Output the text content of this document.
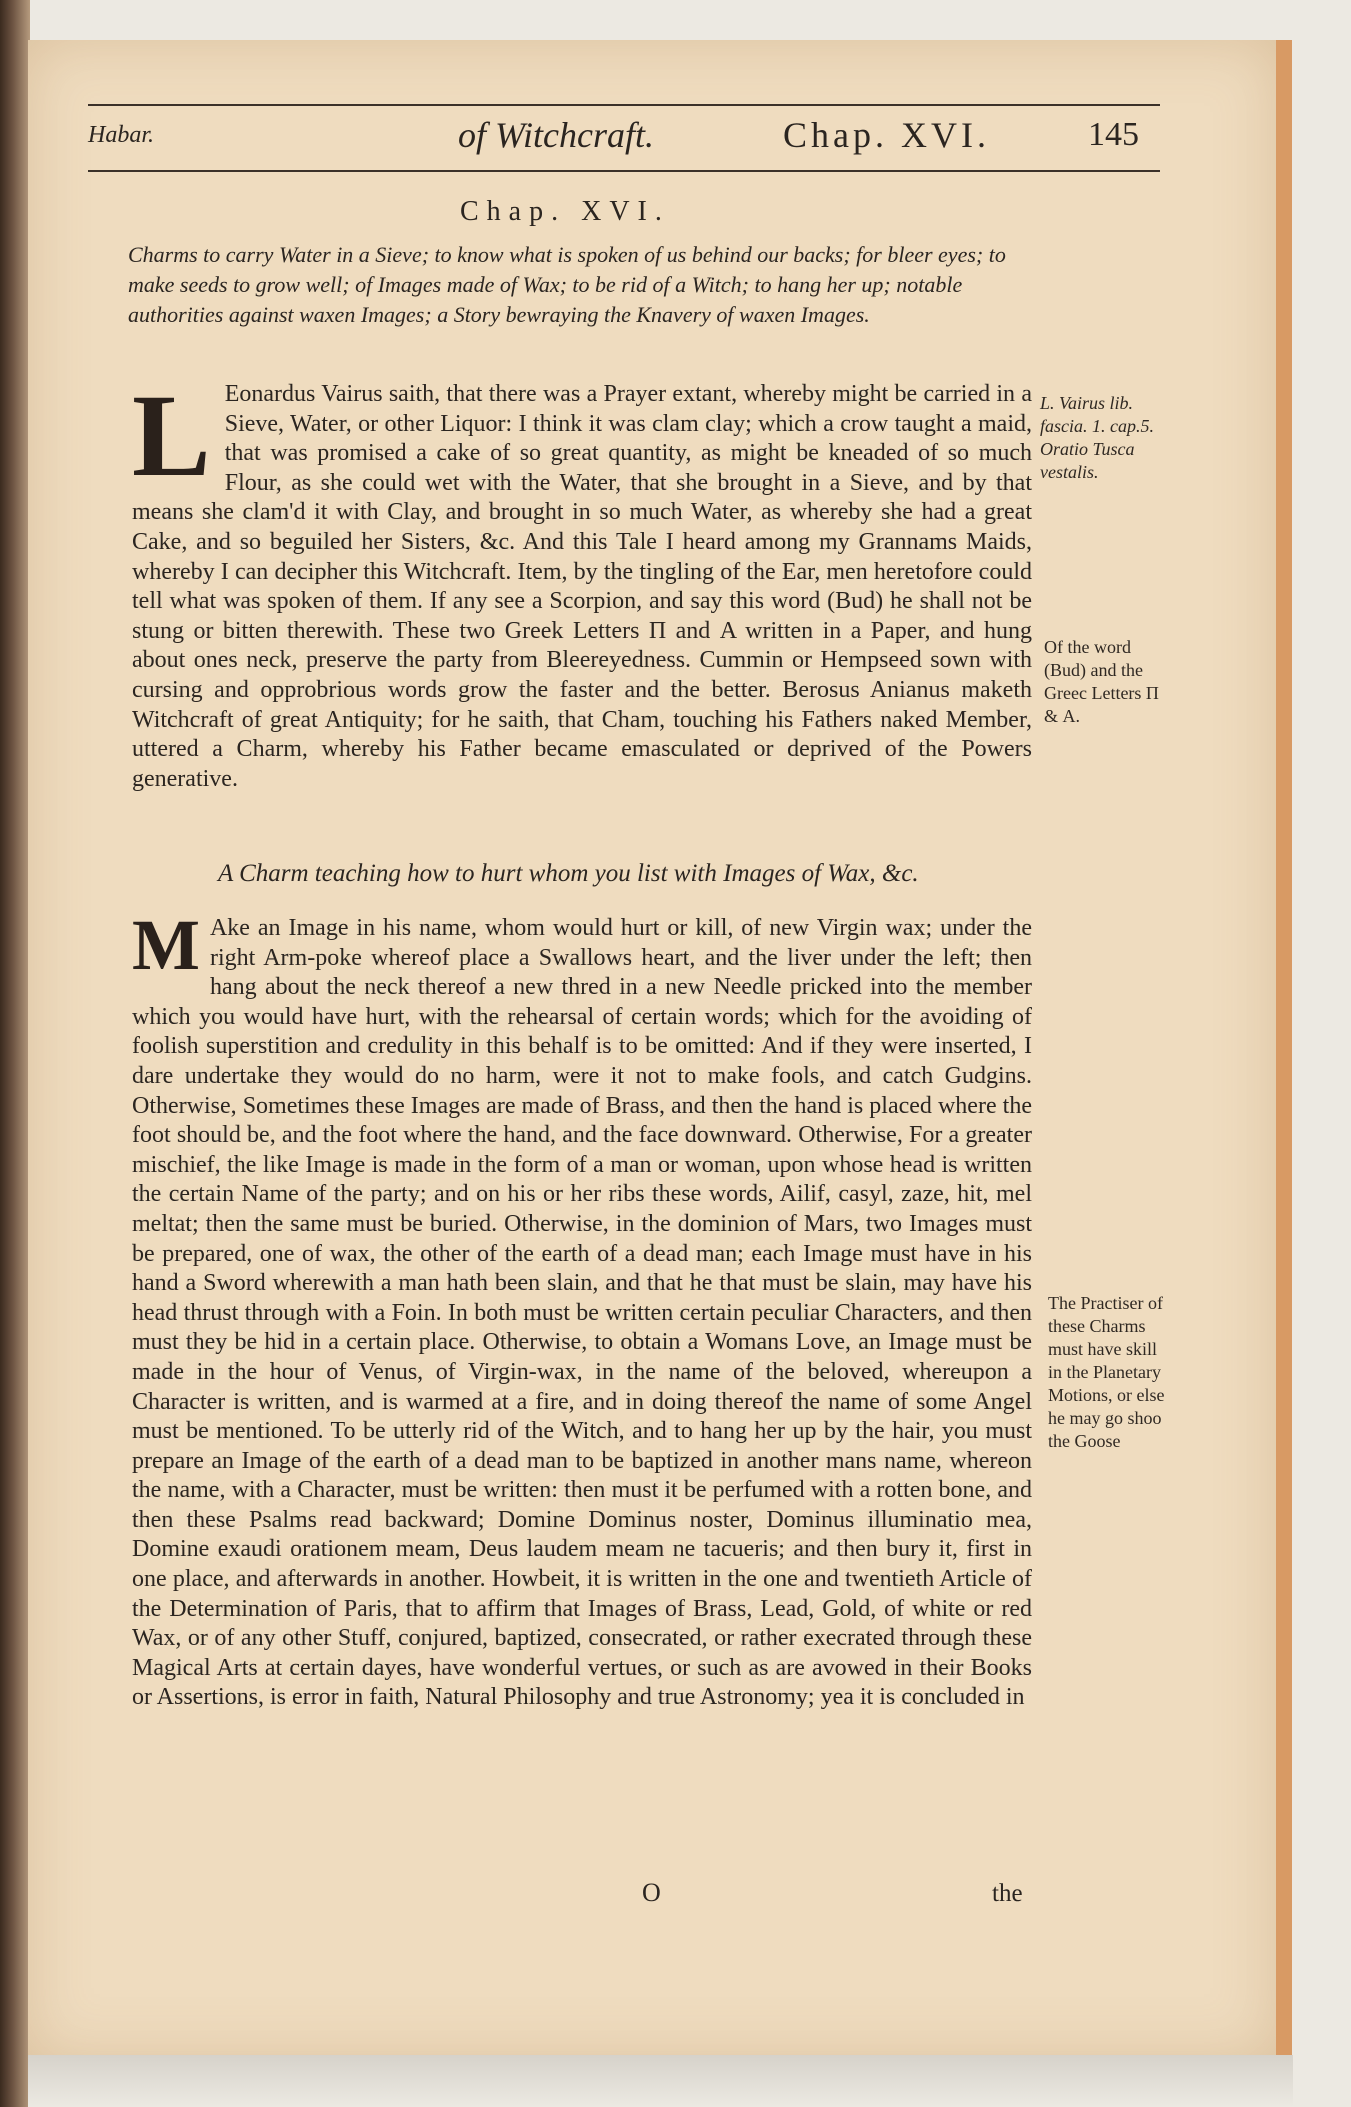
Habar.	of Witchcraft.	Chap. XVI.	145
Chap. XVI.
Charms to carry Water in a Sieve; to know what is spoken of us behind our backs; for bleer eyes; to make seeds to grow well; of Images made of Wax; to be rid of a Witch; to hang her up; notable authorities against waxen Images; a Story bewraying the Knavery of waxen Images.

L Eonardus Vairus saith, that there was a Prayer extant, whereby might be carried in a Sieve, Water, or other Liquor: I think it was clam clay; which a crow taught a maid, that was promised a cake of so great quantity, as might be kneaded of so much Flour, as she could wet with the Water, that she brought in a Sieve, and by that means she clam'd it with Clay, and brought in so much Water, as whereby she had a great Cake, and so beguiled her Sisters, &c. And this Tale I heard among my Grannams Maids, whereby I can decipher this Witchcraft. Item, by the tingling of the Ear, men heretofore could tell what was spoken of them. If any see a Scorpion, and say this word (Bud) he shall not be stung or bitten therewith. These two Greek Letters Π and Α written in a Paper, and hung about ones neck, preserve the party from Bleereyedness. Cummin or Hempseed sown with cursing and opprobrious words grow the faster and the better. Berosus Anianus maketh Witchcraft of great Antiquity; for he saith, that Cham, touching his Fathers naked Member, uttered a Charm, whereby his Father became emasculated or deprived of the Powers generative.

A Charm teaching how to hurt whom you list with Images of Wax, &c.

M Ake an Image in his name, whom would hurt or kill, of new Virgin wax; under the right Arm-poke whereof place a Swallows heart, and the liver under the left; then hang about the neck thereof a new thred in a new Needle pricked into the member which you would have hurt, with the rehearsal of certain words; which for the avoiding of foolish superstition and credulity in this behalf is to be omitted: And if they were inserted, I dare undertake they would do no harm, were it not to make fools, and catch Gudgins. Otherwise, Sometimes these Images are made of Brass, and then the hand is placed where the foot should be, and the foot where the hand, and the face downward. Otherwise, For a greater mischief, the like Image is made in the form of a man or woman, upon whose head is written the certain Name of the party; and on his or her ribs these words, Ailif, casyl, zaze, hit, mel meltat; then the same must be buried. Otherwise, in the dominion of Mars, two Images must be prepared, one of wax, the other of the earth of a dead man; each Image must have in his hand a Sword wherewith a man hath been slain, and that he that must be slain, may have his head thrust through with a Foin. In both must be written certain peculiar Characters, and then must they be hid in a certain place. Otherwise, to obtain a Womans Love, an Image must be made in the hour of Venus, of Virgin-wax, in the name of the beloved, whereupon a Character is written, and is warmed at a fire, and in doing thereof the name of some Angel must be mentioned. To be utterly rid of the Witch, and to hang her up by the hair, you must prepare an Image of the earth of a dead man to be baptized in another mans name, whereon the name, with a Character, must be written: then must it be perfumed with a rotten bone, and then these Psalms read backward; Domine Dominus noster, Dominus illuminatio mea, Domine exaudi orationem meam, Deus laudem meam ne tacueris; and then bury it, first in one place, and afterwards in another. Howbeit, it is written in the one and twentieth Article of the Determination of Paris, that to affirm that Images of Brass, Lead, Gold, of white or red Wax, or of any other Stuff, conjured, baptized, consecrated, or rather execrated through these Magical Arts at certain dayes, have wonderful vertues, or such as are avowed in their Books or Assertions, is error in faith, Natural Philosophy and true Astronomy; yea it is concluded in

L. Vairus lib. fascia. 1. cap.5. Oratio Tusca vestalis.
Of the word (Bud) and the Greec Letters Π & A.
The Practiser of these Charms must have skill in the Planetary Motions, or else he may go shoo the Goose
O	the
